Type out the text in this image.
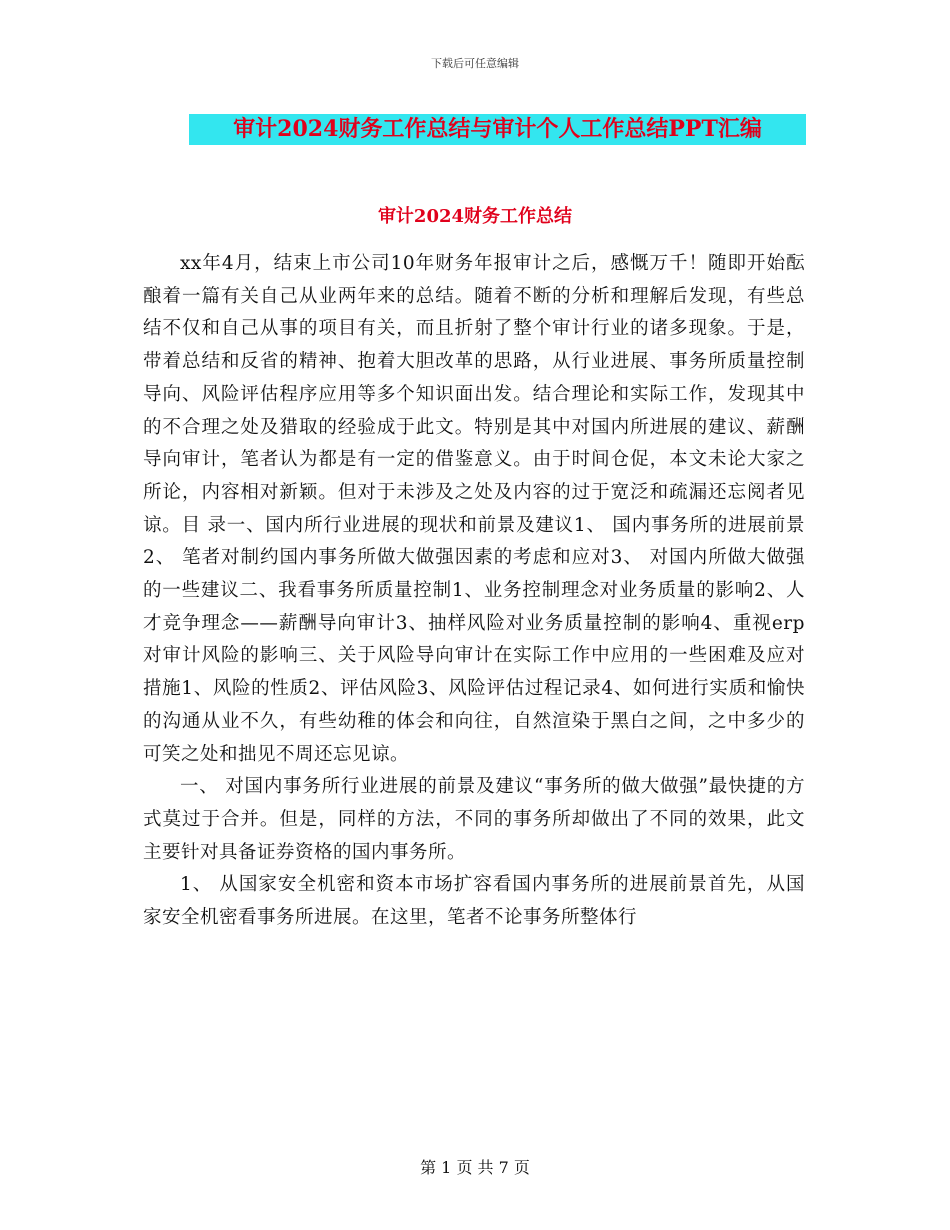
下载后可任意编辑
审计2024财务工作总结与审计个人工作总结PPT汇编
审计2024财务工作总结

xx年4月，结束上市公司10年财务年报审计之后，感慨万千！随即开始酝酿着一篇有关自己从业两年来的总结。随着不断的分析和理解后发现，有些总结不仅和自己从事的项目有关，而且折射了整个审计行业的诸多现象。于是，带着总结和反省的精神、抱着大胆改革的思路，从行业进展、事务所质量控制导向、风险评估程序应用等多个知识面出发。结合理论和实际工作，发现其中的不合理之处及猎取的经验成于此文。特别是其中对国内所进展的建议、薪酬导向审计，笔者认为都是有一定的借鉴意义。由于时间仓促，本文未论大家之所论，内容相对新颖。但对于未涉及之处及内容的过于宽泛和疏漏还忘阅者见谅。目 录一、国内所行业进展的现状和前景及建议1、 国内事务所的进展前景2、 笔者对制约国内事务所做大做强因素的考虑和应对3、 对国内所做大做强的一些建议二、我看事务所质量控制1、业务控制理念对业务质量的影响2、人才竞争理念——薪酬导向审计3、抽样风险对业务质量控制的影响4、重视erp对审计风险的影响三、关于风险导向审计在实际工作中应用的一些困难及应对措施1、风险的性质2、评估风险3、风险评估过程记录4、如何进行实质和愉快的沟通从业不久，有些幼稚的体会和向往，自然渲染于黑白之间，之中多少的可笑之处和拙见不周还忘见谅。

一、 对国内事务所行业进展的前景及建议“事务所的做大做强”最快捷的方式莫过于合并。但是，同样的方法，不同的事务所却做出了不同的效果，此文主要针对具备证券资格的国内事务所。

1、 从国家安全机密和资本市场扩容看国内事务所的进展前景首先，从国家安全机密看事务所进展。在这里，笔者不论事务所整体行

第 1 页 共 7 页
